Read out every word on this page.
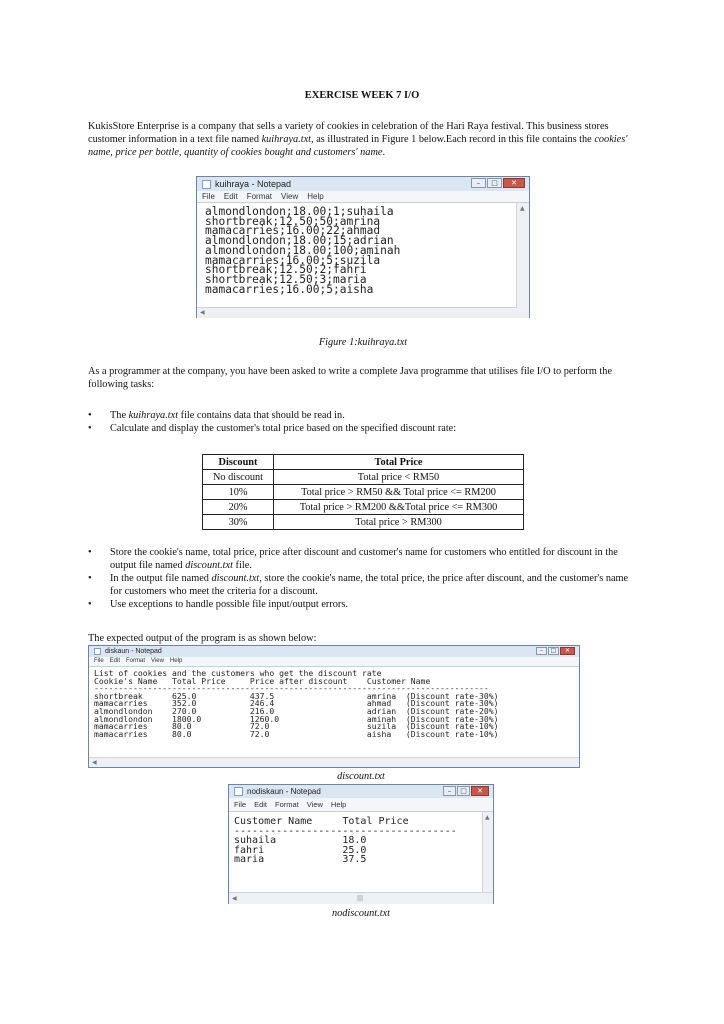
EXERCISE WEEK 7 I/O
KukisStore Enterprise is a company that sells a variety of cookies in celebration of the Hari Raya festival. This business stores customer information in a text file named kuihraya.txt, as illustrated in Figure 1 below.Each record in this file contains the cookies' name, price per bottle, quantity of cookies bought and customers' name.
kuihraya - Notepad	–	□	✕
File Edit Format View Help
almondlondon;18.00;1;suhaila
shortbreak;12.50;50;amrina
mamacarries;16.00;22;ahmad
almondlondon;18.00;15;adrian
almondlondon;18.00;100;aminah
mamacarries;16.00;5;suzila
shortbreak;12.50;2;fahri
shortbreak;12.50;3;maria
mamacarries;16.00;5;aisha
▲
◀
Figure 1:kuihraya.txt
As a programmer at the company, you have been asked to write a complete Java programme that utilises file I/O to perform the following tasks:
• The kuihraya.txt file contains data that should be read in.
• Calculate and display the customer's total price based on the specified discount rate:
Discount	Total Price
No discount	Total price < RM50
10%	Total price > RM50 && Total price <= RM200
20%	Total price > RM200 &&Total price <= RM300
30%	Total price > RM300
• Store the cookie's name, total price, price after discount and customer's name for customers who entitled for discount in the output file named discount.txt file.
• In the output file named discount.txt, store the cookie's name, the total price, the price after discount, and the customer's name for customers who meet the criteria for a discount.
• Use exceptions to handle possible file input/output errors.
The expected output of the program is as shown below:
diskaun - Notepad	–	□	✕
File Edit Format View Help
List of cookies and the customers who get the discount rate
Cookie's Name   Total Price     Price after discount    Customer Name
---------------------------------------------------------------------------------
shortbreak      625.0           437.5                   amrina  (Discount rate-30%)
mamacarries     352.0           246.4                   ahmad   (Discount rate-30%)
almondlondon    270.0           216.0                   adrian  (Discount rate-20%)
almondlondon    1800.0          1260.0                  aminah  (Discount rate-30%)
mamacarries     80.0            72.0                    suzila  (Discount rate-10%)
mamacarries     80.0            72.0                    aisha   (Discount rate-10%)
◀
discount.txt
nodiskaun - Notepad	–	□	✕
File Edit Format View Help
Customer Name     Total Price
-------------------------------------
suhaila           18.0
fahri             25.0
maria             37.5
▲
◀	|||
nodiscount.txt
